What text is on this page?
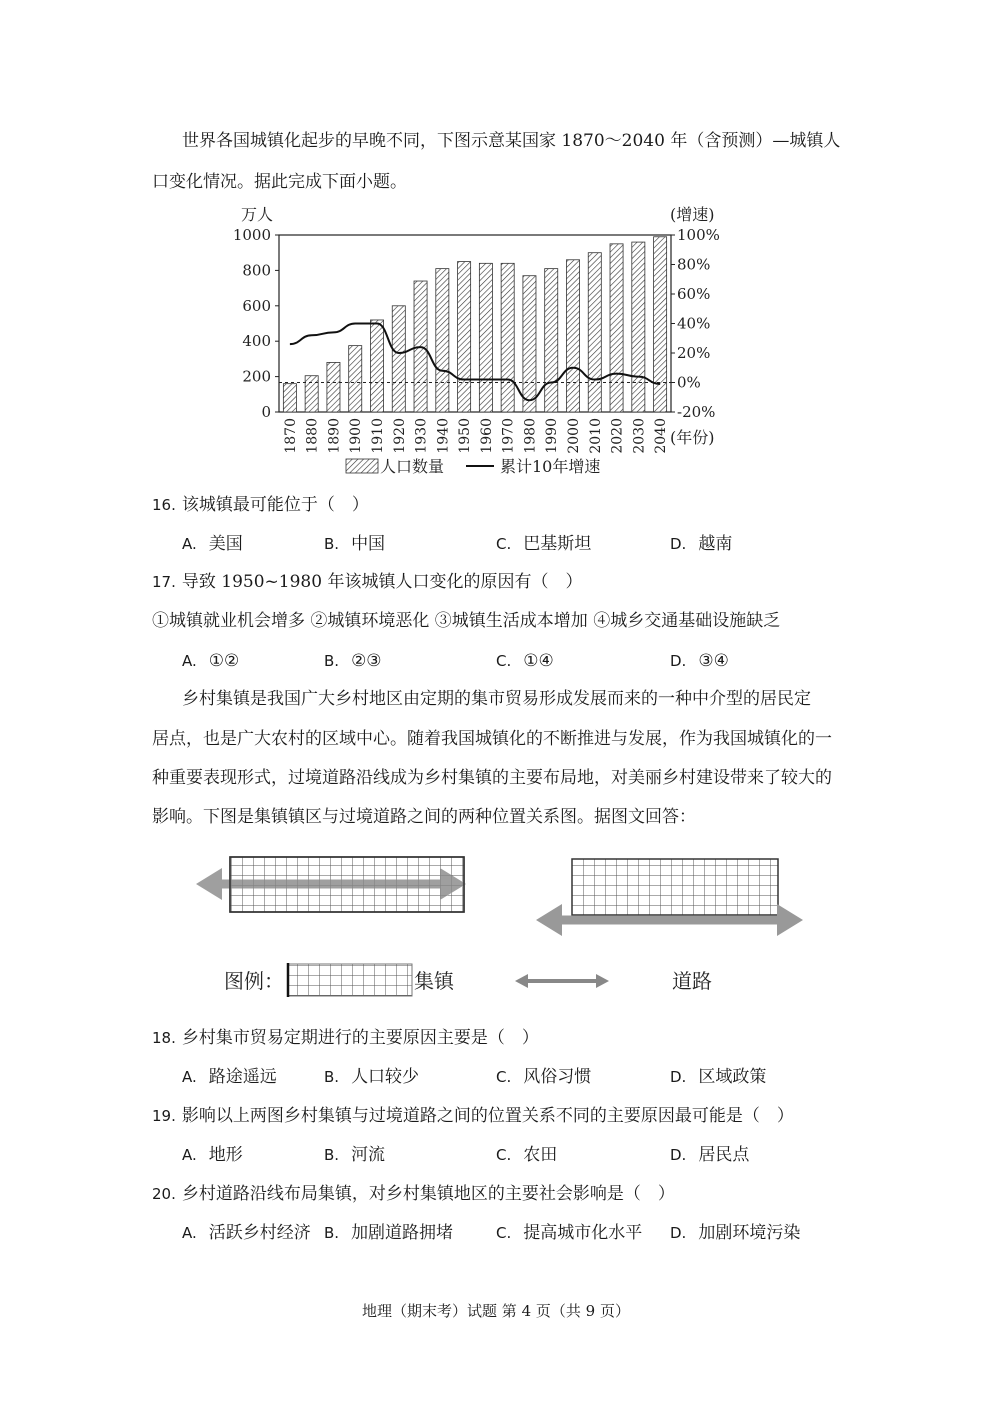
世界各国城镇化起步的早晚不同，下图示意某国家 1870～2040 年（含预测）—城镇人
口变化情况。据此完成下面小题。
0
200
400
600
800
1000
-20%
0%
20%
40%
60%
80%
100%
1870 1880 1890 1900 1910 1920 1930 1940 1950 1960 1970 1980 1990 2000 2010 2020 2030 2040
万人	(增速)
(年份)
人口数量	累计10年增速
16. 该城镇最可能位于（　）
A. 美国	B. 中国	C. 巴基斯坦	D. 越南
17. 导致 1950~1980 年该城镇人口变化的原因有（　）
①城镇就业机会增多 ②城镇环境恶化 ③城镇生活成本增加 ④城乡交通基础设施缺乏
A. ①②	B. ②③	C. ①④	D. ③④
乡村集镇是我国广大乡村地区由定期的集市贸易形成发展而来的一种中介型的居民定
居点，也是广大农村的区域中心。随着我国城镇化的不断推进与发展，作为我国城镇化的一
种重要表现形式，过境道路沿线成为乡村集镇的主要布局地，对美丽乡村建设带来了较大的
影响。下图是集镇镇区与过境道路之间的两种位置关系图。据图文回答：
图例：	集镇	道路
18. 乡村集市贸易定期进行的主要原因主要是（　）
A. 路途遥远	B. 人口较少	C. 风俗习惯	D. 区域政策
19. 影响以上两图乡村集镇与过境道路之间的位置关系不同的主要原因最可能是（　）
A. 地形	B. 河流	C. 农田	D. 居民点
20. 乡村道路沿线布局集镇，对乡村集镇地区的主要社会影响是（　）
A. 活跃乡村经济 B. 加剧道路拥堵	C. 提高城市化水平 D. 加剧环境污染
地理（期末考）试题 第 4 页（共 9 页）
